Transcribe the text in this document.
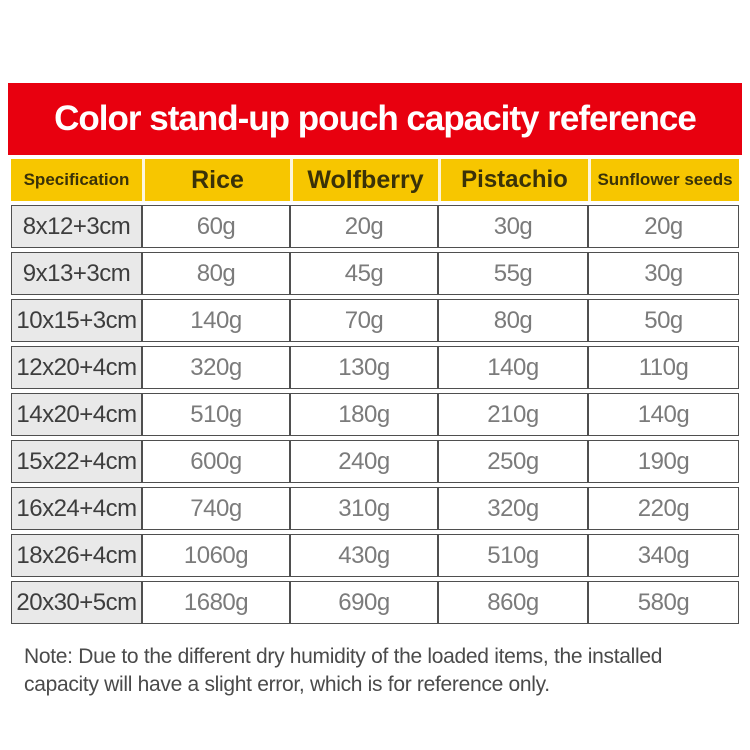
Color stand-up pouch capacity reference
Specification	Rice	Wolfberry	Pistachio	Sunflower seeds
8x12+3cm	60g	20g	30g	20g
9x13+3cm	80g	45g	55g	30g
10x15+3cm	140g	70g	80g	50g
12x20+4cm	320g	130g	140g	110g
14x20+4cm	510g	180g	210g	140g
15x22+4cm	600g	240g	250g	190g
16x24+4cm	740g	310g	320g	220g
18x26+4cm	1060g	430g	510g	340g
20x30+5cm	1680g	690g	860g	580g
Note: Due to the different dry humidity of the loaded items, the installed capacity will have a slight error, which is for reference only.
